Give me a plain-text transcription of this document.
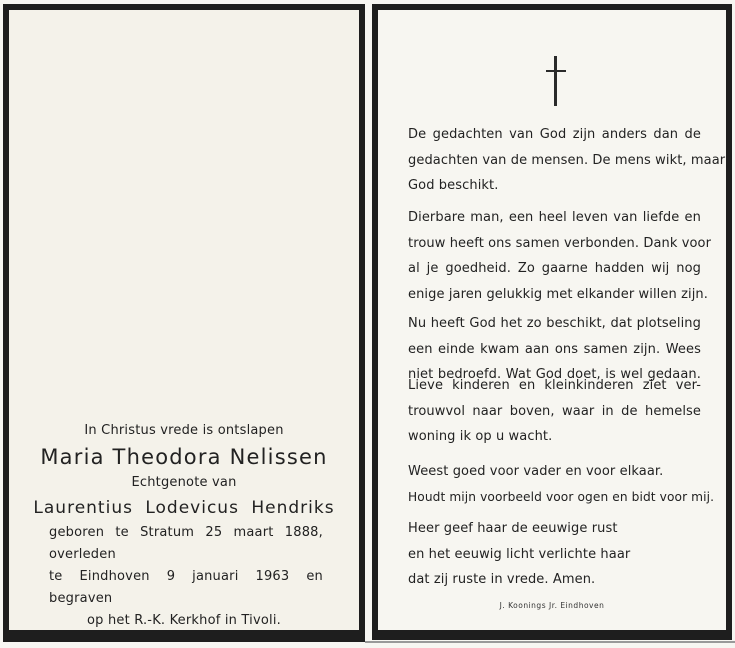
In Christus vrede is ontslapen
Maria Theodora Nelissen
Echtgenote van
Laurentius Lodevicus Hendriks
geboren te Stratum 25 maart 1888, overleden
te Eindhoven 9 januari 1963 en begraven
op het R.-K. Kerkhof in Tivoli.
De gedachten van God zijn anders dan de
gedachten van de mensen. De mens wikt, maar
God beschikt.
Dierbare man, een heel leven van liefde en
trouw heeft ons samen verbonden. Dank voor
al je goedheid. Zo gaarne hadden wij nog
enige jaren gelukkig met elkander willen zijn.
Nu heeft God het zo beschikt, dat plotseling
een einde kwam aan ons samen zijn. Wees
niet bedroefd. Wat God doet, is wel gedaan.
Lieve kinderen en kleinkinderen ziet ver-
trouwvol naar boven, waar in de hemelse
woning ik op u wacht.
Weest goed voor vader en voor elkaar.
Houdt mijn voorbeeld voor ogen en bidt voor mij.
Heer geef haar de eeuwige rust
en het eeuwig licht verlichte haar
dat zij ruste in vrede. Amen.
J. Koonings Jr. Eindhoven
